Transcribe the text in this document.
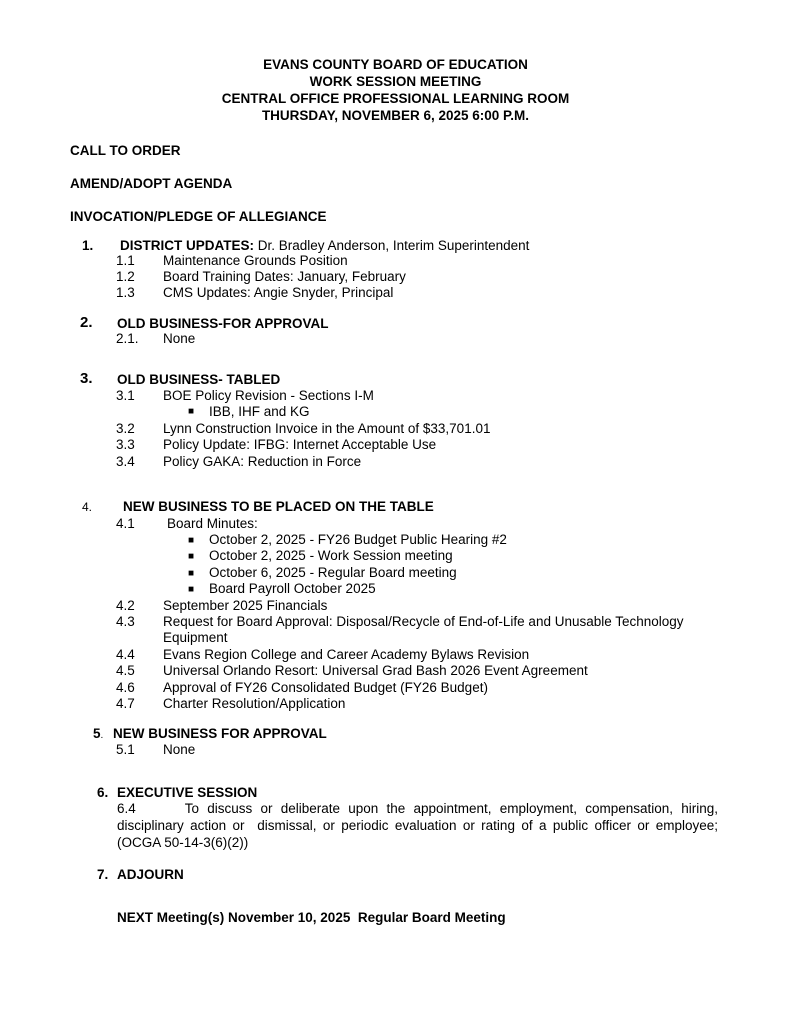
EVANS COUNTY BOARD OF EDUCATION
WORK SESSION MEETING
CENTRAL OFFICE PROFESSIONAL LEARNING ROOM
THURSDAY, NOVEMBER 6, 2025 6:00 P.M.
CALL TO ORDER
AMEND/ADOPT AGENDA
INVOCATION/PLEDGE OF ALLEGIANCE
1. DISTRICT UPDATES: Dr. Bradley Anderson, Interim Superintendent
1.1 Maintenance Grounds Position
1.2 Board Training Dates: January, February
1.3 CMS Updates: Angie Snyder, Principal
2. OLD BUSINESS-FOR APPROVAL
2.1. None
3. OLD BUSINESS- TABLED
3.1 BOE Policy Revision - Sections I-M
■ IBB, IHF and KG
3.2 Lynn Construction Invoice in the Amount of $33,701.01
3.3 Policy Update: IFBG: Internet Acceptable Use
3.4 Policy GAKA: Reduction in Force
4. NEW BUSINESS TO BE PLACED ON THE TABLE
4.1 Board Minutes:
■ October 2, 2025 - FY26 Budget Public Hearing #2
■ October 2, 2025 - Work Session meeting
■ October 6, 2025 - Regular Board meeting
■ Board Payroll October 2025
4.2 September 2025 Financials
4.3 Request for Board Approval: Disposal/Recycle of End-of-Life and Unusable Technology
Equipment
4.4 Evans Region College and Career Academy Bylaws Revision
4.5 Universal Orlando Resort: Universal Grad Bash 2026 Event Agreement
4.6 Approval of FY26 Consolidated Budget (FY26 Budget)
4.7 Charter Resolution/Application
5. NEW BUSINESS FOR APPROVAL
5.1 None
6. EXECUTIVE SESSION
6.4      To discuss or deliberate upon the appointment, employment, compensation, hiring, disciplinary action or  dismissal, or periodic evaluation or rating of a public officer or employee; (OCGA 50-14-3(6)(2))
7. ADJOURN
NEXT Meeting(s) November 10, 2025  Regular Board Meeting
